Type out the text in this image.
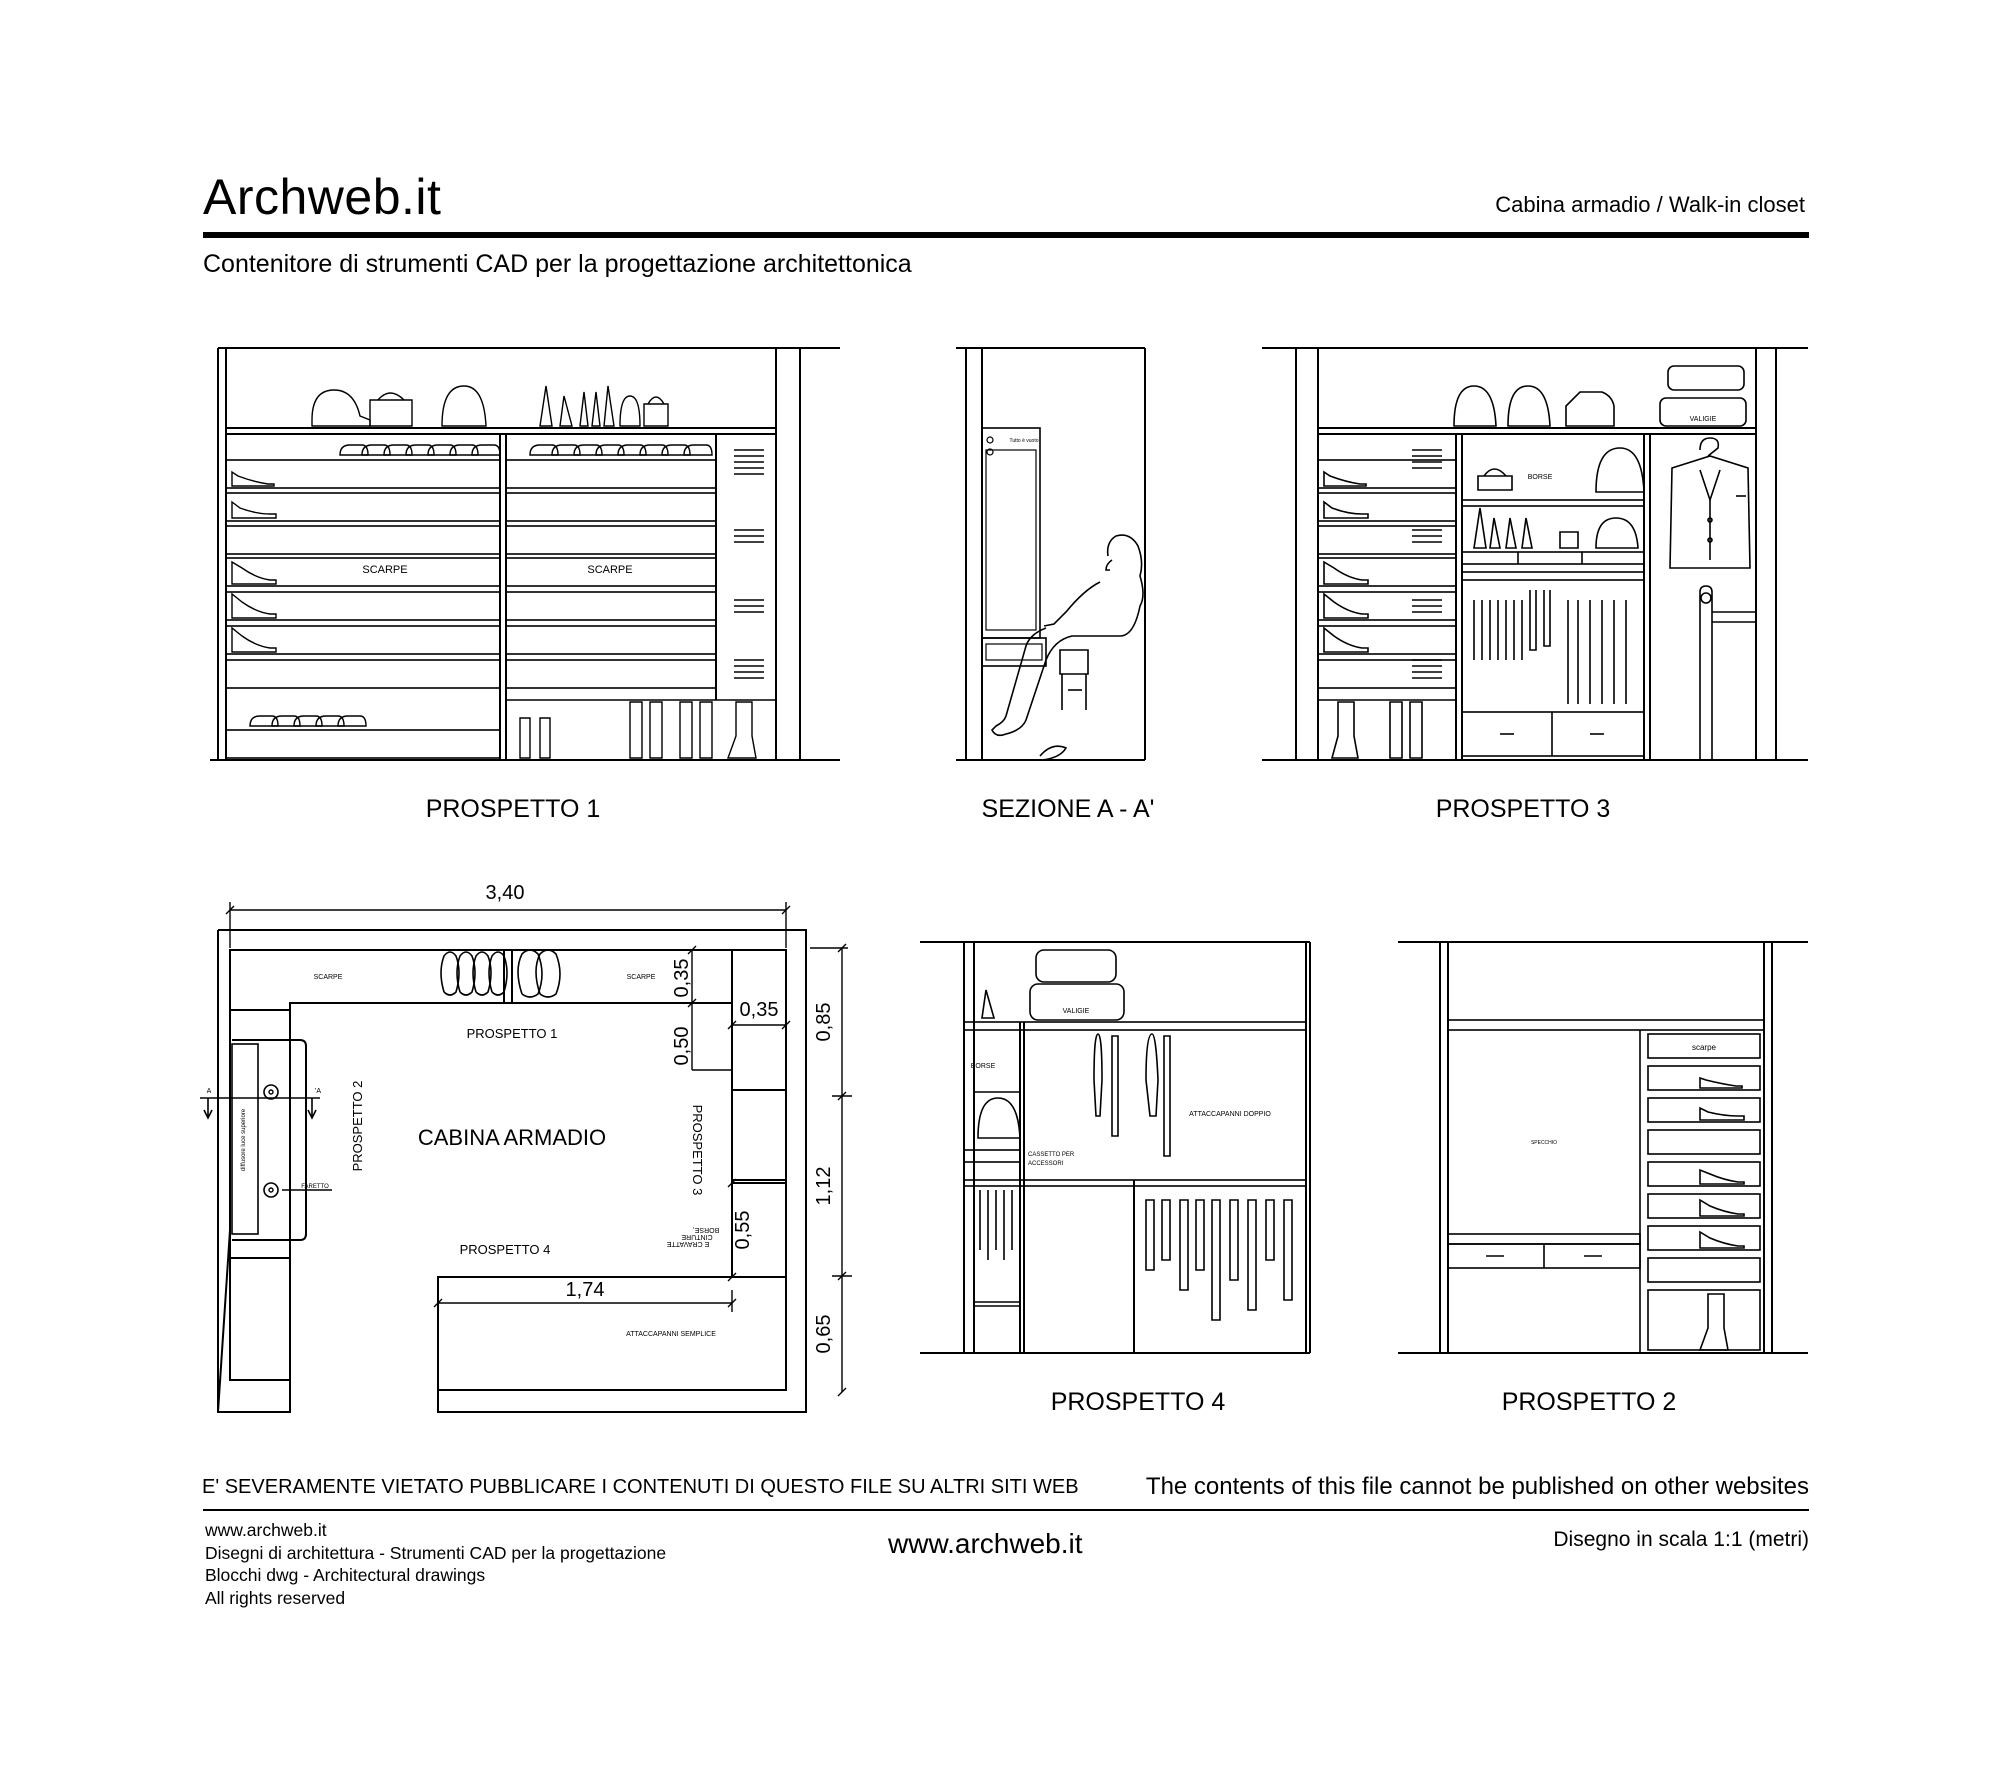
Archweb.it	Cabina armadio / Walk-in closet
Contenitore di strumenti CAD per la progettazione architettonica
SCARPE	SCARPE
PROSPETTO 1
Tutto è vuoto
SEZIONE A - A'
VALIGIE
BORSE
PROSPETTO 3
3,40
0,35
0,35
0,50
0,55
1,74
0,85
1,12
0,65
CABINA ARMADIO
PROSPETTO 1
PROSPETTO 4
PROSPETTO 2	PROSPETTO 3
SCARPE	SCARPE
FARETTO
diffusore luce superiore
BORSE,
CINTURE
E CRAVATTE
ATTACCAPANNI SEMPLICE
A	'A
VALIGIE
BORSE
ATTACCAPANNI DOPPIO
CASSETTO PER
ACCESSORI
PROSPETTO 4
scarpe
SPECCHIO
PROSPETTO 2
E' SEVERAMENTE VIETATO PUBBLICARE I CONTENUTI DI QUESTO FILE SU ALTRI SITI WEB	The contents of this file cannot be published on other websites
www.archweb.it
Disegni di architettura - Strumenti CAD per la progettazione
Blocchi dwg - Architectural drawings
All rights reserved
www.archweb.it	Disegno in scala 1:1 (metri)
